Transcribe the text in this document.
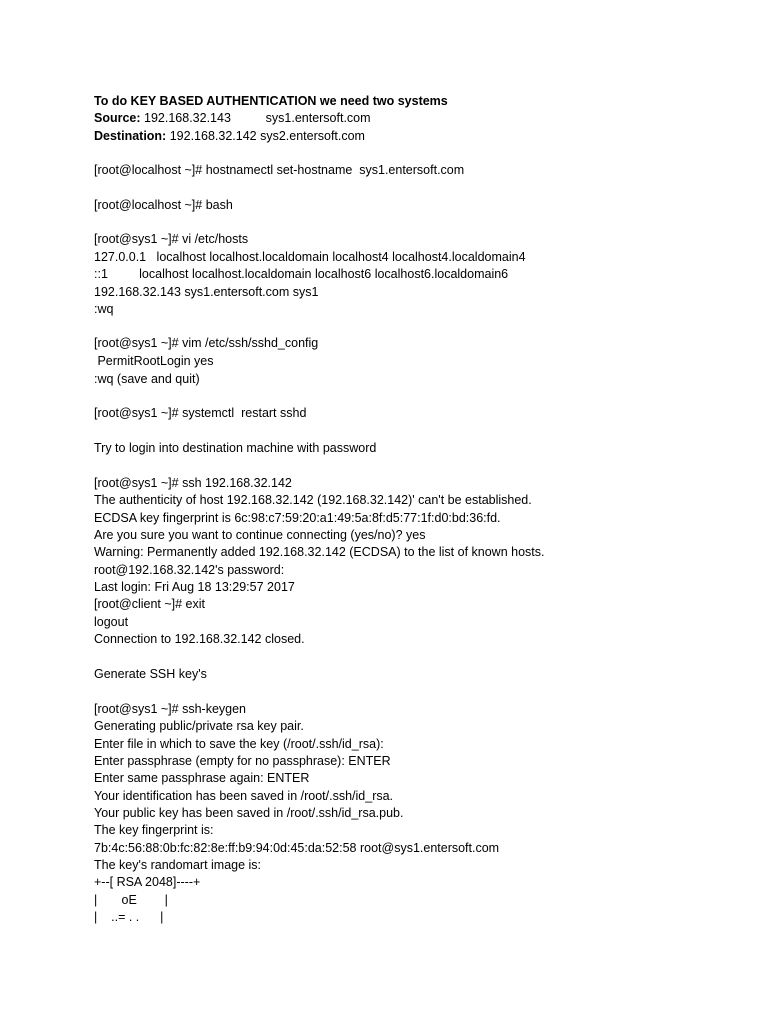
To do KEY BASED AUTHENTICATION we need two systems
Source: 192.168.32.143          sys1.entersoft.com
Destination: 192.168.32.142 sys2.entersoft.com
[root@localhost ~]# hostnamectl set-hostname  sys1.entersoft.com
[root@localhost ~]# bash
[root@sys1 ~]# vi /etc/hosts
127.0.0.1   localhost localhost.localdomain localhost4 localhost4.localdomain4
::1         localhost localhost.localdomain localhost6 localhost6.localdomain6
192.168.32.143 sys1.entersoft.com sys1
:wq
[root@sys1 ~]# vim /etc/ssh/sshd_config
PermitRootLogin yes
:wq (save and quit)
[root@sys1 ~]# systemctl  restart sshd
Try to login into destination machine with password
[root@sys1 ~]# ssh 192.168.32.142
The authenticity of host 192.168.32.142 (192.168.32.142)' can't be established.
ECDSA key fingerprint is 6c:98:c7:59:20:a1:49:5a:8f:d5:77:1f:d0:bd:36:fd.
Are you sure you want to continue connecting (yes/no)? yes
Warning: Permanently added 192.168.32.142 (ECDSA) to the list of known hosts.
root@192.168.32.142's password:
Last login: Fri Aug 18 13:29:57 2017
[root@client ~]# exit
logout
Connection to 192.168.32.142 closed.
Generate SSH key's
[root@sys1 ~]# ssh-keygen
Generating public/private rsa key pair.
Enter file in which to save the key (/root/.ssh/id_rsa):
Enter passphrase (empty for no passphrase): ENTER
Enter same passphrase again: ENTER
Your identification has been saved in /root/.ssh/id_rsa.
Your public key has been saved in /root/.ssh/id_rsa.pub.
The key fingerprint is:
7b:4c:56:88:0b:fc:82:8e:ff:b9:94:0d:45:da:52:58 root@sys1.entersoft.com
The key's randomart image is:
+--[ RSA 2048]----+
|       oE        |
|    ..= . .      |
